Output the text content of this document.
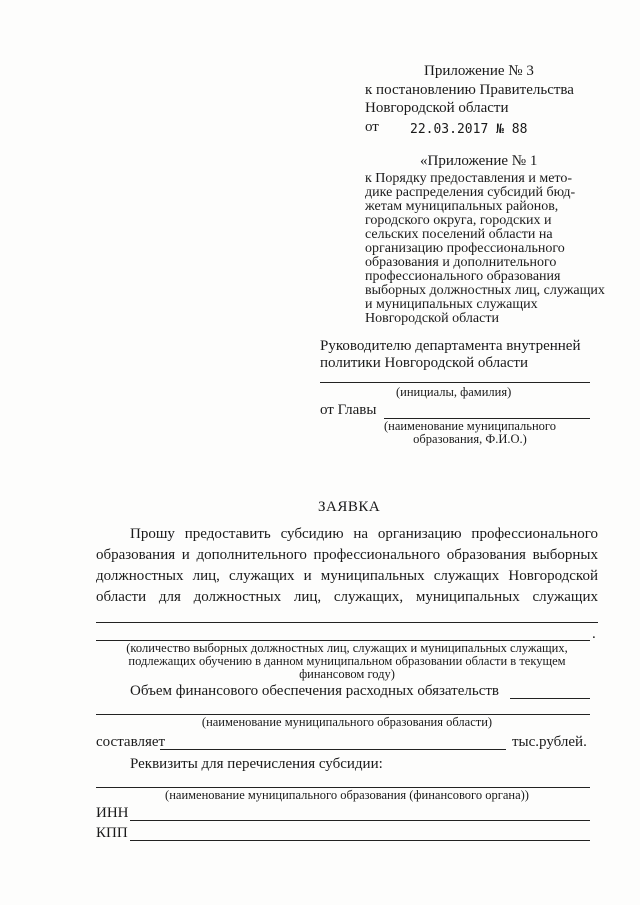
Приложение № 3
к постановлению Правительства
Новгородской области
от 22.03.2017 № 88
«Приложение № 1
к Порядку предоставления и мето-
дике распределения субсидий бюд-
жетам муниципальных районов,
городского округа, городских и
сельских поселений области на
организацию профессионального
образования и дополнительного
профессионального образования
выборных должностных лиц, служащих
и муниципальных служащих
Новгородской области
Руководителю департамента внутренней
политики Новгородской области
(инициалы, фамилия)
от Главы
(наименование муниципального
образования, Ф.И.О.)
ЗАЯВКА
Прошу предоставить субсидию на организацию профессионального
образования и дополнительного профессионального образования выборных
должностных лиц, служащих и муниципальных служащих Новгородской
области для должностных лиц, служащих, муниципальных служащих
.
(количество выборных должностных лиц, служащих и муниципальных служащих,
подлежащих обучению в данном муниципальном образовании области в текущем
финансовом году)
Объем финансового обеспечения расходных обязательств
(наименование муниципального образования области)
составляет	тыс.рублей.
Реквизиты для перечисления субсидии:
(наименование муниципального образования (финансового органа))
ИНН
КПП
